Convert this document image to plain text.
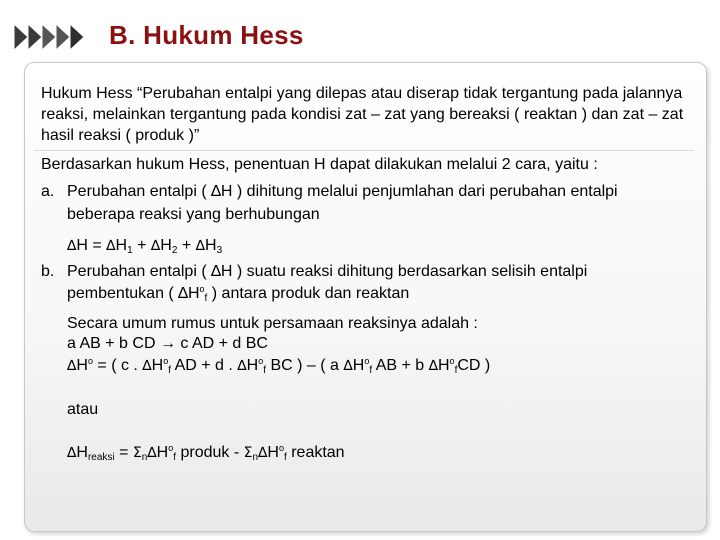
B. Hukum Hess
Hukum Hess “Perubahan entalpi yang dilepas atau diserap tidak tergantung pada jalannya reaksi, melainkan tergantung pada kondisi zat – zat yang bereaksi ( reaktan ) dan zat – zat hasil reaksi ( produk )”
Berdasarkan hukum Hess, penentuan H dapat dilakukan melalui 2 cara, yaitu :
a. Perubahan entalpi ( ∆H ) dihitung melalui penjumlahan dari perubahan entalpi
beberapa reaksi yang berhubungan
$\Delta H = \Delta H_1 + \Delta H_2 + \Delta H_3$
b. Perubahan entalpi ( ∆H ) suatu reaksi dihitung berdasarkan selisih entalpi
pembentukan ( $\Delta H^o_f$ ) antara produk dan reaktan
Secara umum rumus untuk persamaan reaksinya adalah :
a AB + b CD → c AD + d BC
$\Delta H^o$ = ( c . $\Delta H^o_f$ AD + d . $\Delta H^o_f$ BC ) – ( a $\Delta H^o_f$ AB + b $\Delta H^o_fCD$ )
atau
$\Delta H_{reaksi} = \Sigma_n\Delta H^o_f$ produk - $\Sigma_n\Delta H^o_f$ reaktan
